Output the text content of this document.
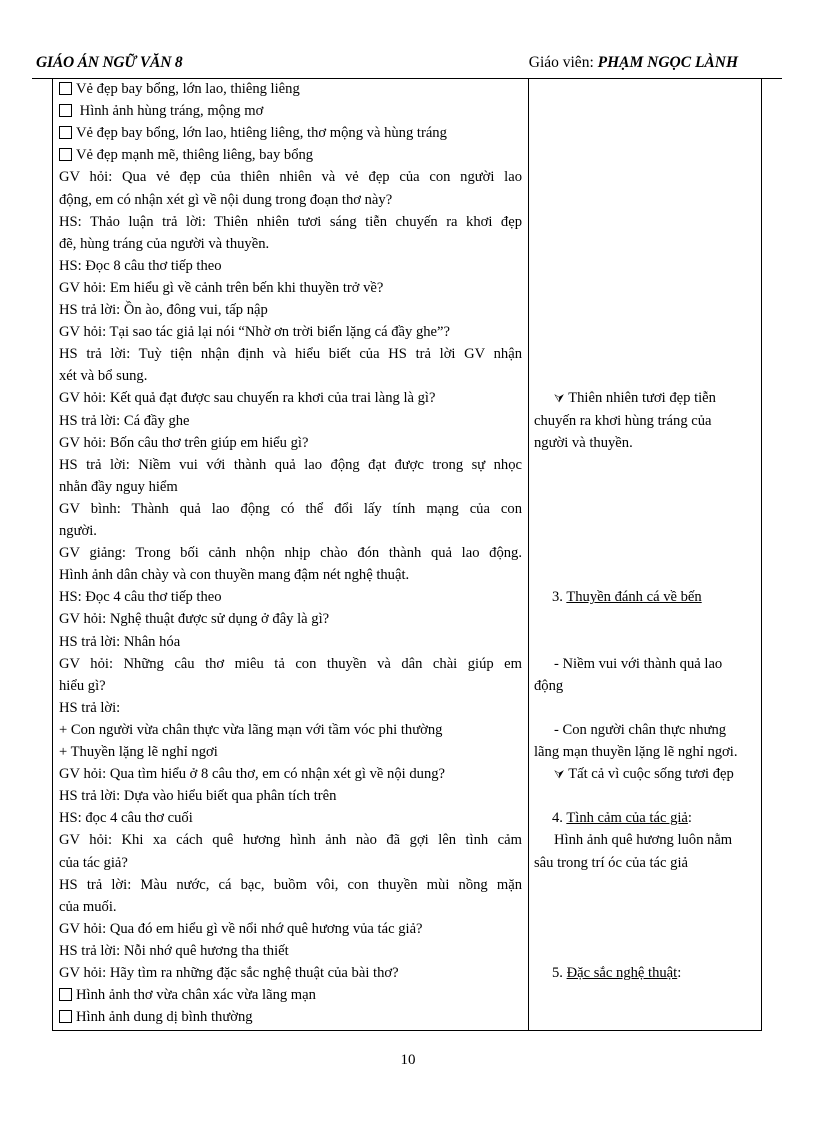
GIÁO ÁN NGỮ VĂN 8	Giáo viên: PHẠM NGỌC LÀNH
Vẻ đẹp bay bổng, lớn lao, thiêng liêng
Hình ảnh hùng tráng, mộng mơ
Vẻ đẹp bay bổng, lớn lao, htiêng liêng, thơ mộng và hùng tráng
Vẻ đẹp mạnh mẽ, thiêng liêng, bay bổng
GV hỏi: Qua vẻ đẹp của thiên nhiên và vẻ đẹp của con người lao
động, em có nhận xét gì về nội dung trong đoạn thơ này?
HS: Thảo luận trả lời: Thiên nhiên tươi sáng tiễn chuyến ra khơi đẹp
đẽ, hùng tráng của người và thuyền.
HS: Đọc 8 câu thơ tiếp theo
GV hỏi: Em hiểu gì về cảnh trên bến khi thuyền trở về?
HS trả lời: Ồn ào, đông vui, tấp nập
GV hỏi: Tại sao tác giả lại nói “Nhờ ơn trời biển lặng cá đầy ghe”?
HS trả lời: Tuỳ tiện nhận định và hiểu biết của HS trả lời GV nhận
xét và bổ sung.
GV hỏi: Kết quả đạt được sau chuyến ra khơi của trai làng là gì?
HS trả lời: Cá đầy ghe
GV hỏi: Bốn câu thơ trên giúp em hiểu gì?
HS trả lời: Niềm vui với thành quả lao động đạt được trong sự nhọc
nhằn đầy nguy hiểm
GV bình: Thành quả lao động có thể đổi lấy tính mạng của con
người.
GV giảng: Trong bối cảnh nhộn nhịp chào đón thành quả lao động.
Hình ảnh dân chày và con thuyền mang đậm nét nghệ thuật.
HS: Đọc 4 câu thơ tiếp theo
GV hỏi: Nghệ thuật được sử dụng ở đây là gì?
HS trả lời: Nhân hóa
GV hỏi: Những câu thơ miêu tả con thuyền và dân chài giúp em
hiểu gì?
HS trả lời:
+ Con người vừa chân thực vừa lãng mạn với tầm vóc phi thường
+ Thuyền lặng lẽ nghỉ ngơi
GV hỏi: Qua tìm hiểu ở 8 câu thơ, em có nhận xét gì về nội dung?
HS trả lời: Dựa vào hiểu biết qua phân tích trên
HS: đọc 4 câu thơ cuối
GV hỏi: Khi xa cách quê hương hình ảnh nào đã gợi lên tình cảm
của tác giả?
HS trả lời: Màu nước, cá bạc, buồm vôi, con thuyền mùi nồng mặn
của muối.
GV hỏi: Qua đó em hiểu gì về nổi nhớ quê hương vủa tác giả?
HS trả lời: Nỗi nhớ quê hương tha thiết
GV hỏi: Hãy tìm ra những đặc sắc nghệ thuật của bài thơ?
Hình ảnh thơ vừa chân xác vừa lãng mạn
Hình ảnh dung dị bình thường
⮛ Thiên nhiên tươi đẹp tiễn
chuyến ra khơi hùng tráng của
người và thuyền.
3. Thuyền đánh cá về bến
- Niềm vui với thành quả lao
động
- Con người chân thực nhưng
lãng mạn thuyền lặng lẽ nghỉ ngơi.
⮛ Tất cả vì cuộc sống tươi đẹp
4. Tình cảm của tác giả:
Hình ảnh quê hương luôn nằm
sâu trong trí óc của tác giả
5. Đặc sắc nghệ thuật:
10
